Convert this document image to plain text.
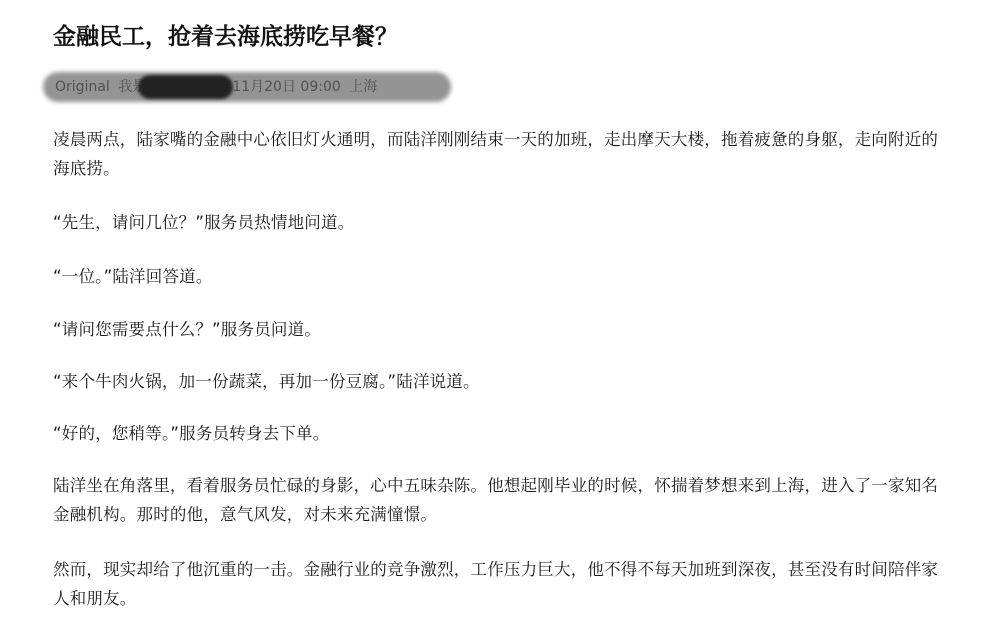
金融民工，抢着去海底捞吃早餐？

凌晨两点，陆家嘴的金融中心依旧灯火通明，而陆洋刚刚结束一天的加班，走出摩天大楼，拖着疲惫的身躯，走向附近的海底捞。

“先生，请问几位？”服务员热情地问道。

“一位。”陆洋回答道。

“请问您需要点什么？”服务员问道。

“来个牛肉火锅，加一份蔬菜，再加一份豆腐。”陆洋说道。

“好的，您稍等。”服务员转身去下单。

陆洋坐在角落里，看着服务员忙碌的身影，心中五味杂陈。他想起刚毕业的时候，怀揣着梦想来到上海，进入了一家知名金融机构。那时的他，意气风发，对未来充满憧憬。

然而，现实却给了他沉重的一击。金融行业的竞争激烈，工作压力巨大，他不得不每天加班到深夜，甚至没有时间陪伴家人和朋友。
